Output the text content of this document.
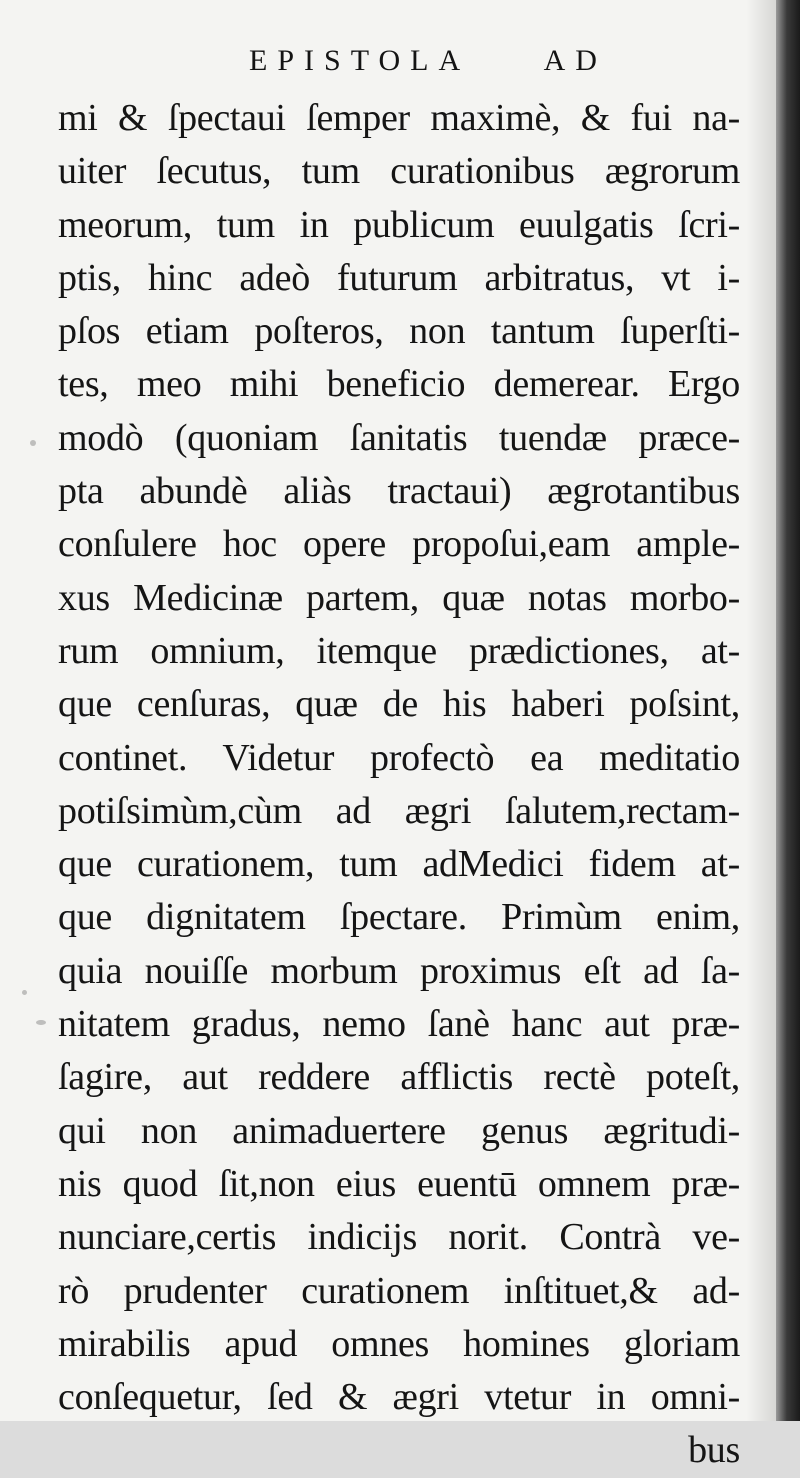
EPISTOLA AD
mi & ſpectaui ſemper maximè, & fui na-
uiter ſecutus, tum curationibus ægrorum
meorum, tum in publicum euulgatis ſcri-
ptis, hinc adeò futurum arbitratus, vt i-
pſos etiam poſteros, non tantum ſuperſti-
tes, meo mihi beneficio demerear. Ergo
modò (quoniam ſanitatis tuendæ præce-
pta abundè aliàs tractaui) ægrotantibus
conſulere hoc opere propoſui,eam ample-
xus Medicinæ partem, quæ notas morbo-
rum omnium, itemque prædictiones, at-
que cenſuras, quæ de his haberi poſsint,
continet. Videtur profectò ea meditatio
potiſsimùm,cùm ad ægri ſalutem,rectam-
que curationem, tum adMedici fidem at-
que dignitatem ſpectare. Primùm enim,
quia nouiſſe morbum proximus eſt ad ſa-
nitatem gradus, nemo ſanè hanc aut præ-
ſagire, aut reddere afflictis rectè poteſt,
qui non animaduertere genus ægritudi-
nis quod ſit,non eius euentū omnem præ-
nunciare,certis indicijs norit. Contrà ve-
rò prudenter curationem inſtituet,& ad-
mirabilis apud omnes homines gloriam
conſequetur, ſed & ægri vtetur in omni-
bus
